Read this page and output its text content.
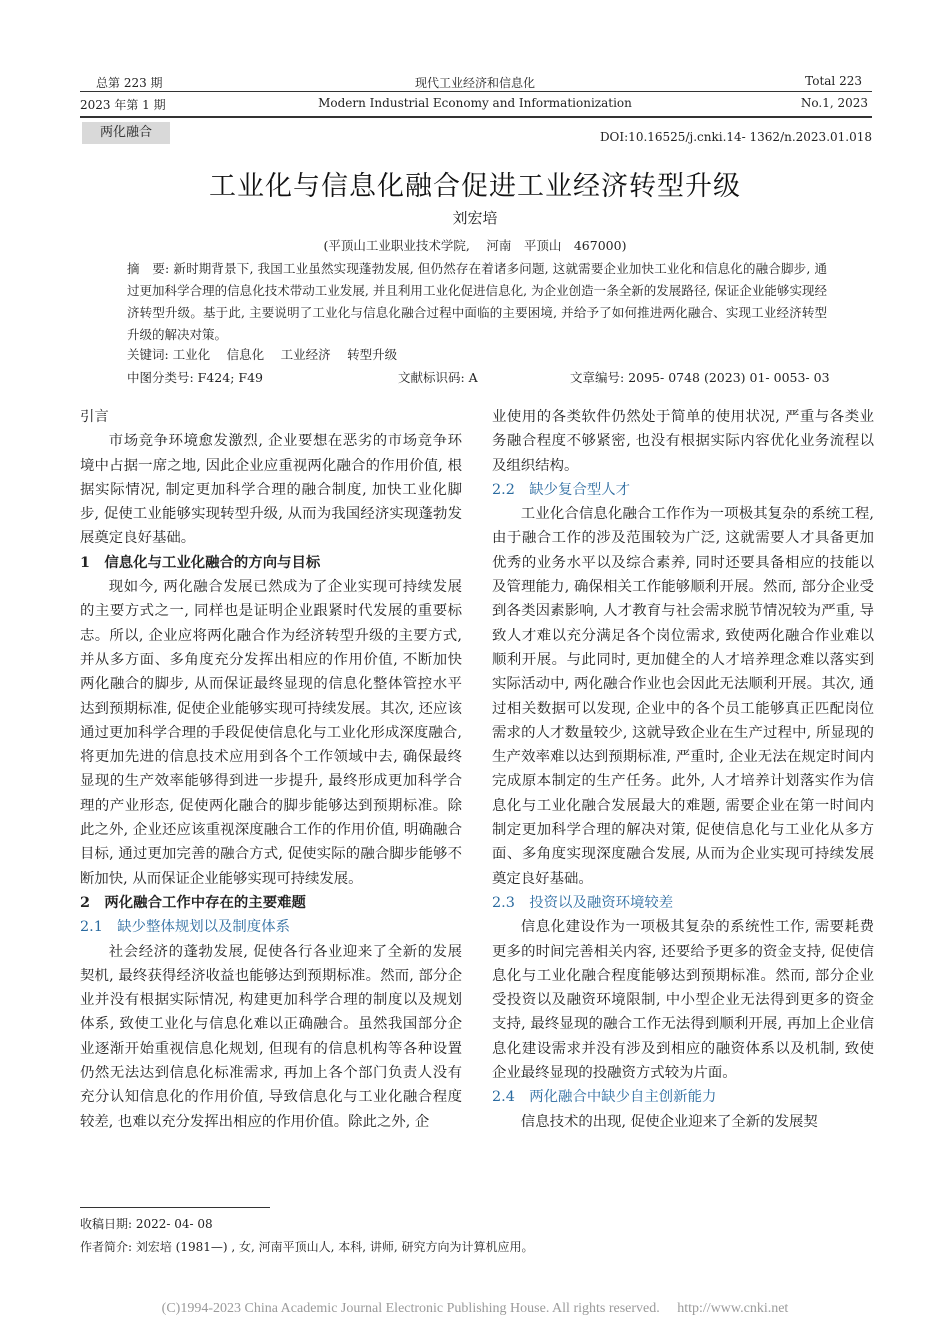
总第 223 期
2023 年第 1 期
现代工业经济和信息化
Modern Industrial Economy and Informationization
Total 223
No.1, 2023
两化融合	DOI:10.16525/j.cnki.14- 1362/n.2023.01.018
工业化与信息化融合促进工业经济转型升级
刘宏培
(平顶山工业职业技术学院,　 河南　平顶山　467000)
摘　要: 新时期背景下, 我国工业虽然实现蓬勃发展, 但仍然存在着诸多问题, 这就需要企业加快工业化和信息化的融合脚步, 通过更加科学合理的信息化技术带动工业发展, 并且利用工业化促进信息化, 为企业创造一条全新的发展路径, 保证企业能够实现经济转型升级。基于此, 主要说明了工业化与信息化融合过程中面临的主要困境, 并给予了如何推进两化融合、实现工业经济转型升级的解决对策。
关键词: 工业化　 信息化　 工业经济　 转型升级
中图分类号: F424; F49	文献标识码: A	文章编号: 2095- 0748 (2023) 01- 0053- 03

引言

市场竞争环境愈发激烈, 企业要想在恶劣的市场竞争环境中占据一席之地, 因此企业应重视两化融合的作用价值, 根据实际情况, 制定更加科学合理的融合制度, 加快工业化脚步, 促使工业能够实现转型升级, 从而为我国经济实现蓬勃发展奠定良好基础。

1　信息化与工业化融合的方向与目标

现如今, 两化融合发展已然成为了企业实现可持续发展的主要方式之一, 同样也是证明企业跟紧时代发展的重要标志。所以, 企业应将两化融合作为经济转型升级的主要方式, 并从多方面、多角度充分发挥出相应的作用价值, 不断加快两化融合的脚步, 从而保证最终显现的信息化整体管控水平达到预期标准, 促使企业能够实现可持续发展。其次, 还应该通过更加科学合理的手段促使信息化与工业化形成深度融合, 将更加先进的信息技术应用到各个工作领域中去, 确保最终显现的生产效率能够得到进一步提升, 最终形成更加科学合理的产业形态, 促使两化融合的脚步能够达到预期标准。除此之外, 企业还应该重视深度融合工作的作用价值, 明确融合目标, 通过更加完善的融合方式, 促使实际的融合脚步能够不断加快, 从而保证企业能够实现可持续发展。

2　两化融合工作中存在的主要难题

2.1　缺少整体规划以及制度体系

社会经济的蓬勃发展, 促使各行各业迎来了全新的发展契机, 最终获得经济收益也能够达到预期标准。然而, 部分企业并没有根据实际情况, 构建更加科学合理的制度以及规划体系, 致使工业化与信息化难以正确融合。虽然我国部分企业逐渐开始重视信息化规划, 但现有的信息机构等各种设置仍然无法达到信息化标准需求, 再加上各个部门负责人没有充分认知信息化的作用价值, 导致信息化与工业化融合程度较差, 也难以充分发挥出相应的作用价值。除此之外, 企

业使用的各类软件仍然处于简单的使用状况, 严重与各类业务融合程度不够紧密, 也没有根据实际内容优化业务流程以及组织结构。

2.2　缺少复合型人才

工业化合信息化融合工作作为一项极其复杂的系统工程, 由于融合工作的涉及范围较为广泛, 这就需要人才具备更加优秀的业务水平以及综合素养, 同时还要具备相应的技能以及管理能力, 确保相关工作能够顺利开展。然而, 部分企业受到各类因素影响, 人才教育与社会需求脱节情况较为严重, 导致人才难以充分满足各个岗位需求, 致使两化融合作业难以顺利开展。与此同时, 更加健全的人才培养理念难以落实到实际活动中, 两化融合作业也会因此无法顺利开展。其次, 通过相关数据可以发现, 企业中的各个员工能够真正匹配岗位需求的人才数量较少, 这就导致企业在生产过程中, 所显现的生产效率难以达到预期标准, 严重时, 企业无法在规定时间内完成原本制定的生产任务。此外, 人才培养计划落实作为信息化与工业化融合发展最大的难题, 需要企业在第一时间内制定更加科学合理的解决对策, 促使信息化与工业化从多方面、多角度实现深度融合发展, 从而为企业实现可持续发展奠定良好基础。

2.3　投资以及融资环境较差

信息化建设作为一项极其复杂的系统性工作, 需要耗费更多的时间完善相关内容, 还要给予更多的资金支持, 促使信息化与工业化融合程度能够达到预期标准。然而, 部分企业受投资以及融资环境限制, 中小型企业无法得到更多的资金支持, 最终显现的融合工作无法得到顺利开展, 再加上企业信息化建设需求并没有涉及到相应的融资体系以及机制, 致使企业最终显现的投融资方式较为片面。

2.4　两化融合中缺少自主创新能力

信息技术的出现, 促使企业迎来了全新的发展契

收稿日期: 2022- 04- 08
作者简介: 刘宏培 (1981—) , 女, 河南平顶山人, 本科, 讲师, 研究方向为计算机应用。
(C)1994-2023 China Academic Journal Electronic Publishing House. All rights reserved.　 http://www.cnki.net
